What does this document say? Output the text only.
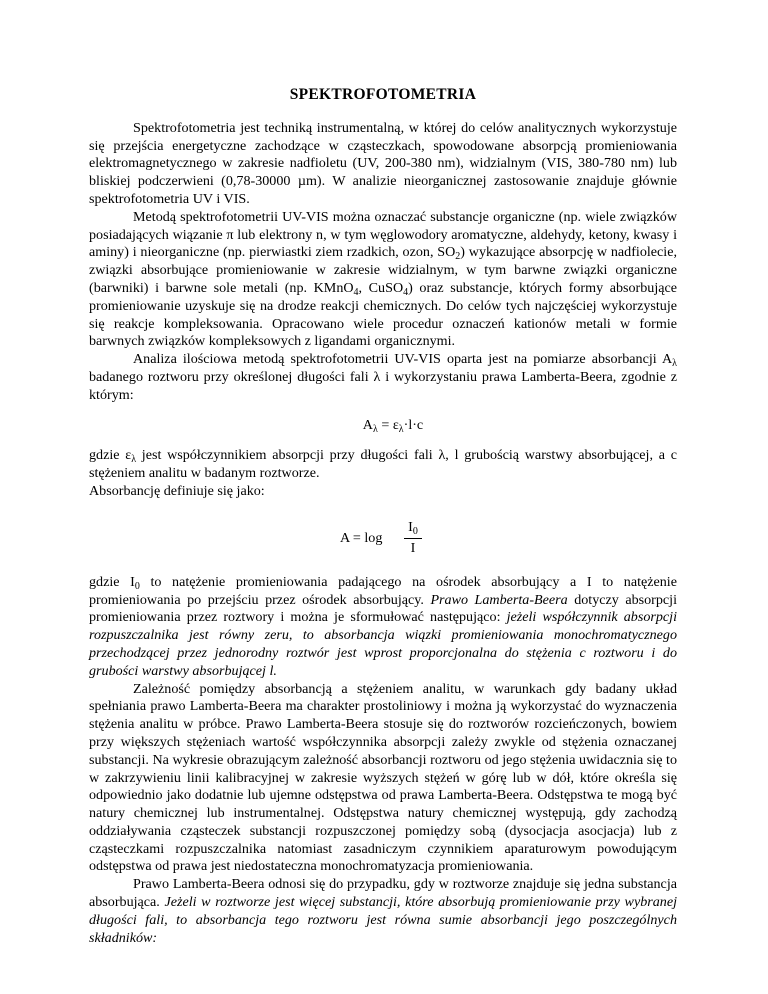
SPEKTROFOTOMETRIA

Spektrofotometria jest techniką instrumentalną, w której do celów analitycznych wykorzystuje się przejścia energetyczne zachodzące w cząsteczkach, spowodowane absorpcją promieniowania elektromagnetycznego w zakresie nadfioletu (UV, 200-380 nm), widzialnym (VIS, 380-780 nm) lub bliskiej podczerwieni (0,78-30000 µm). W analizie nieorganicznej zastosowanie znajduje głównie spektrofotometria UV i VIS.

Metodą spektrofotometrii UV-VIS można oznaczać substancje organiczne (np. wiele związków posiadających wiązanie π lub elektrony n, w tym węglowodory aromatyczne, aldehydy, ketony, kwasy i aminy) i nieorganiczne (np. pierwiastki ziem rzadkich, ozon, $SO_2$) wykazujące absorpcję w nadfiolecie, związki absorbujące promieniowanie w zakresie widzialnym, w tym barwne związki organiczne (barwniki) i barwne sole metali (np. KMnO$_4$, CuSO$_4$) oraz substancje, których formy absorbujące promieniowanie uzyskuje się na drodze reakcji chemicznych. Do celów tych najczęściej wykorzystuje się reakcje kompleksowania. Opracowano wiele procedur oznaczeń kationów metali w formie barwnych związków kompleksowych z ligandami organicznymi.

Analiza ilościowa metodą spektrofotometrii UV-VIS oparta jest na pomiarze absorbancji $A_\lambda$ badanego roztworu przy określonej długości fali λ i wykorzystaniu prawa Lamberta-Beera, zgodnie z którym:

$A_\lambda = \varepsilon_\lambda\cdot l\cdot c$

gdzie $\varepsilon_\lambda$ jest współczynnikiem absorpcji przy długości fali λ, l grubością warstwy absorbującej, a c stężeniem analitu w badanym roztworze.

Absorbancję definiuje się jako:

A = log
$I_0$
I

gdzie $I_0$ to natężenie promieniowania padającego na ośrodek absorbujący a I to natężenie promieniowania po przejściu przez ośrodek absorbujący. Prawo Lamberta-Beera dotyczy absorpcji promieniowania przez roztwory i można je sformułować następująco: jeżeli współczynnik absorpcji rozpuszczalnika jest równy zeru, to absorbancja wiązki promieniowania monochromatycznego przechodzącej przez jednorodny roztwór jest wprost proporcjonalna do stężenia c roztworu i do grubości warstwy absorbującej l.

Zależność pomiędzy absorbancją a stężeniem analitu, w warunkach gdy badany układ spełniania prawo Lamberta-Beera ma charakter prostoliniowy i można ją wykorzystać do wyznaczenia stężenia analitu w próbce. Prawo Lamberta-Beera stosuje się do roztworów rozcieńczonych, bowiem przy większych stężeniach wartość współczynnika absorpcji zależy zwykle od stężenia oznaczanej substancji. Na wykresie obrazującym zależność absorbancji roztworu od jego stężenia uwidacznia się to w zakrzywieniu linii kalibracyjnej w zakresie wyższych stężeń w górę lub w dół, które określa się odpowiednio jako dodatnie lub ujemne odstępstwa od prawa Lamberta-Beera. Odstępstwa te mogą być natury chemicznej lub instrumentalnej. Odstępstwa natury chemicznej występują, gdy zachodzą oddziaływania cząsteczek substancji rozpuszczonej pomiędzy sobą (dysocjacja asocjacja) lub z cząsteczkami rozpuszczalnika natomiast zasadniczym czynnikiem aparaturowym powodującym odstępstwa od prawa jest niedostateczna monochromatyzacja promieniowania.

Prawo Lamberta-Beera odnosi się do przypadku, gdy w roztworze znajduje się jedna substancja absorbująca. Jeżeli w roztworze jest więcej substancji, które absorbują promieniowanie przy wybranej długości fali, to absorbancja tego roztworu jest równa sumie absorbancji jego poszczególnych składników:
